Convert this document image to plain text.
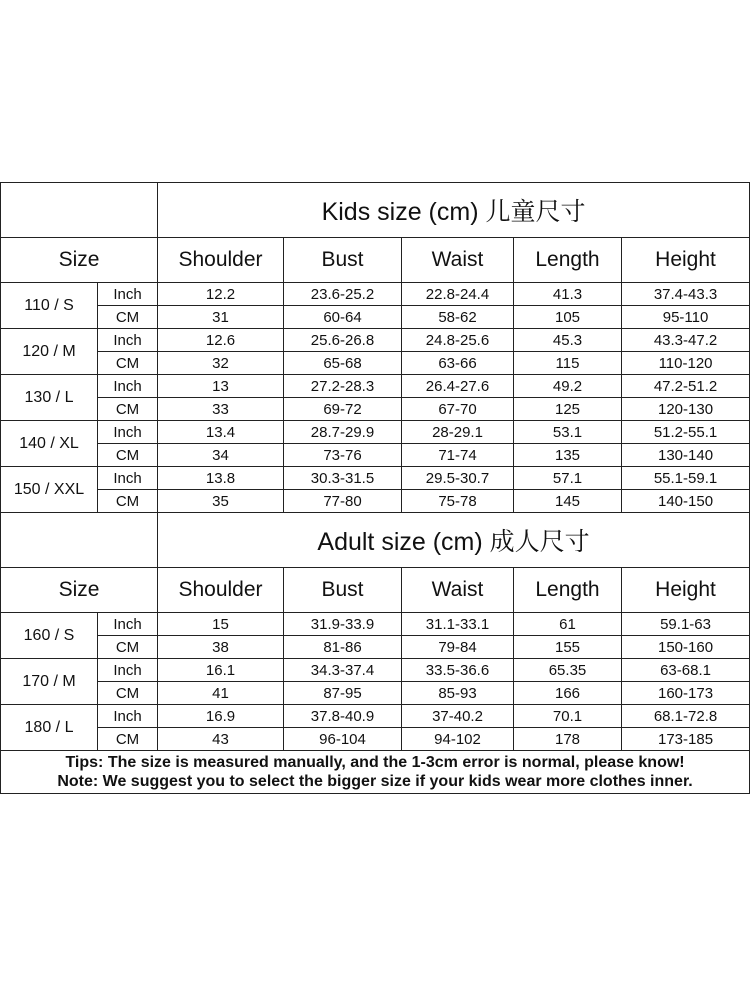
		Kids size (cm) 儿童尺寸				
Size		Shoulder	Bust	Waist	Length	Height
110 / S	Inch	12.2	23.6-25.2	22.8-24.4	41.3	37.4-43.3
	CM	31	60-64	58-62	105	95-110
120 / M	Inch	12.6	25.6-26.8	24.8-25.6	45.3	43.3-47.2
	CM	32	65-68	63-66	115	110-120
130 / L	Inch	13	27.2-28.3	26.4-27.6	49.2	47.2-51.2
	CM	33	69-72	67-70	125	120-130
140 / XL	Inch	13.4	28.7-29.9	28-29.1	53.1	51.2-55.1
	CM	34	73-76	71-74	135	130-140
150 / XXL	Inch	13.8	30.3-31.5	29.5-30.7	57.1	55.1-59.1
	CM	35	77-80	75-78	145	140-150
		Adult size (cm) 成人尺寸				
Size		Shoulder	Bust	Waist	Length	Height
160 / S	Inch	15	31.9-33.9	31.1-33.1	61	59.1-63
	CM	38	81-86	79-84	155	150-160
170 / M	Inch	16.1	34.3-37.4	33.5-36.6	65.35	63-68.1
	CM	41	87-95	85-93	166	160-173
180 / L	Inch	16.9	37.8-40.9	37-40.2	70.1	68.1-72.8
	CM	43	96-104	94-102	178	173-185

Tips: The size is measured manually, and the 1-3cm error is normal, please know!
Note: We suggest you to select the bigger size if your kids wear more clothes inner.						
